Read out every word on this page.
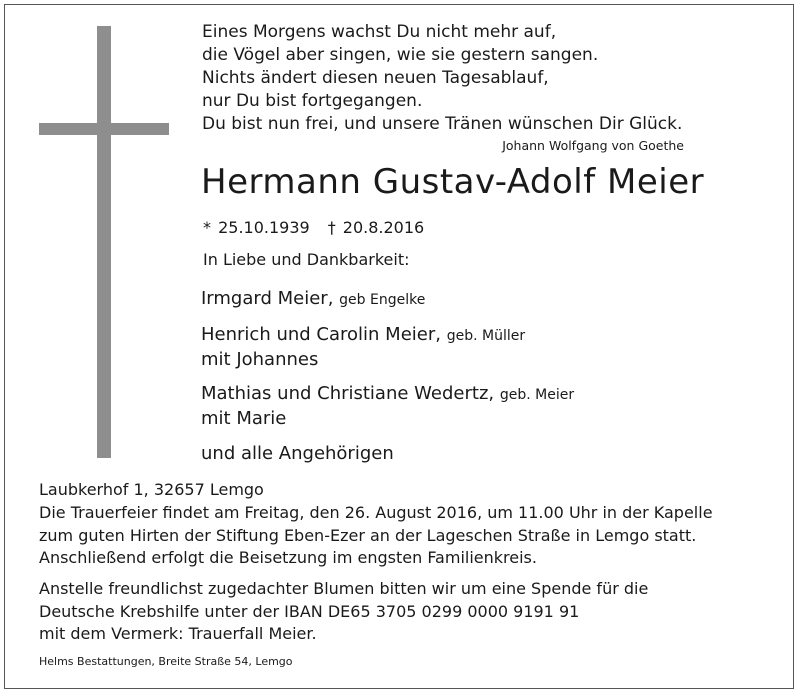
Eines Morgens wachst Du nicht mehr auf,
die Vögel aber singen, wie sie gestern sangen.
Nichts ändert diesen neuen Tagesablauf,
nur Du bist fortgegangen.
Du bist nun frei, und unsere Tränen wünschen Dir Glück.
Johann Wolfgang von Goethe
Hermann Gustav-Adolf Meier
* 25.10.1939 † 20.8.2016
In Liebe und Dankbarkeit:
Irmgard Meier, geb Engelke
Henrich und Carolin Meier, geb. Müller
mit Johannes
Mathias und Christiane Wedertz, geb. Meier
mit Marie
und alle Angehörigen
Laubkerhof 1, 32657 Lemgo
Die Trauerfeier findet am Freitag, den 26. August 2016, um 11.00 Uhr in der Kapelle
zum guten Hirten der Stiftung Eben-Ezer an der Lageschen Straße in Lemgo statt.
Anschließend erfolgt die Beisetzung im engsten Familienkreis.
Anstelle freundlichst zugedachter Blumen bitten wir um eine Spende für die
Deutsche Krebshilfe unter der IBAN DE65 3705 0299 0000 9191 91
mit dem Vermerk: Trauerfall Meier.
Helms Bestattungen, Breite Straße 54, Lemgo
